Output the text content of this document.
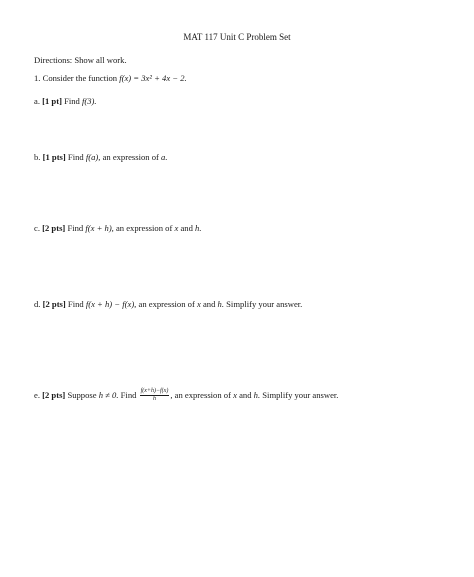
MAT 117 Unit C Problem Set
Directions: Show all work.
1. Consider the function f(x) = 3x² + 4x − 2.
a. [1 pt] Find f(3).
b. [1 pts] Find f(a), an expression of a.
c. [2 pts] Find f(x + h), an expression of x and h.
d. [2 pts] Find f(x + h) − f(x), an expression of x and h. Simplify your answer.
e. [2 pts] Suppose h ≠ 0. Find $\frac{f(x+h)-f(x)}{h}$ , an expression of x and h. Simplify your answer.
